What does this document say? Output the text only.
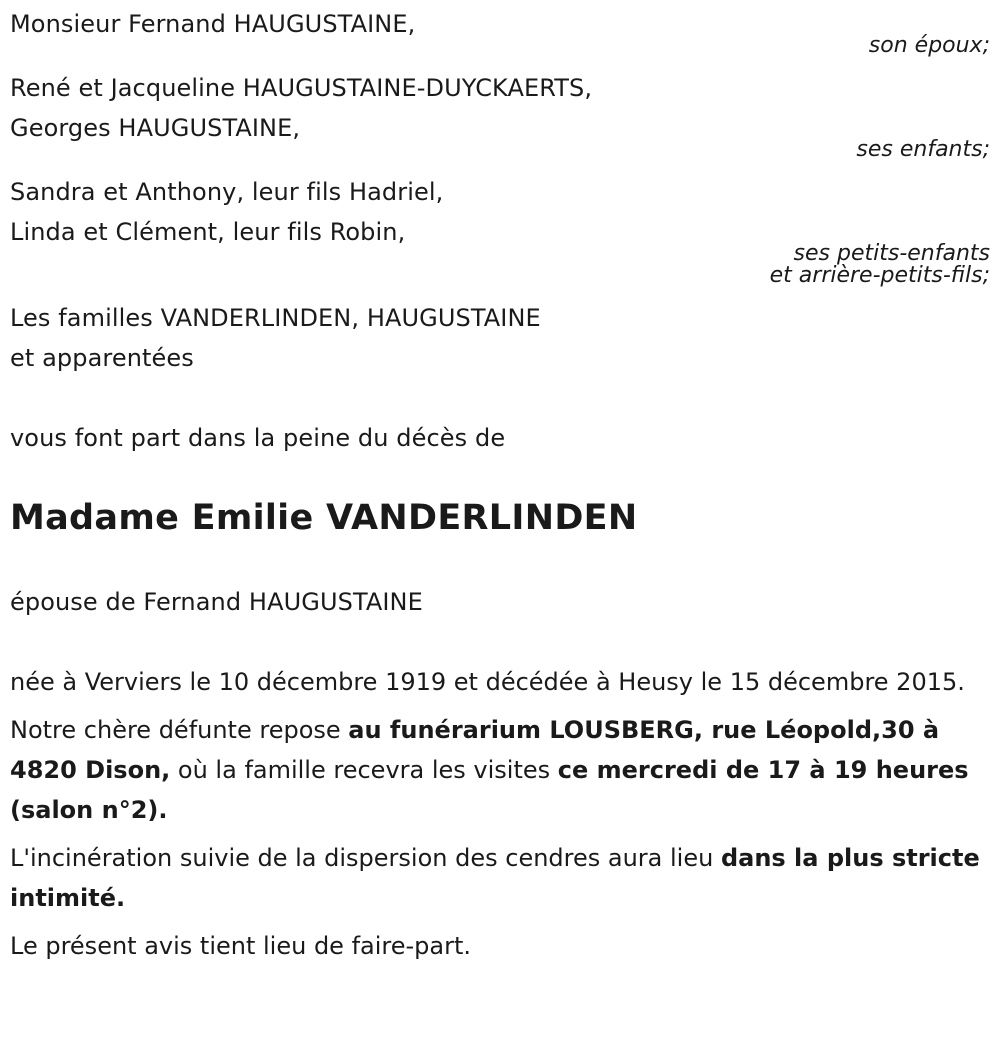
Monsieur Fernand HAUGUSTAINE,
son époux;
René et Jacqueline HAUGUSTAINE-DUYCKAERTS,
Georges HAUGUSTAINE,
ses enfants;
Sandra et Anthony, leur fils Hadriel,
Linda et Clément, leur fils Robin,
ses petits-enfants
et arrière-petits-fils;
Les familles VANDERLINDEN, HAUGUSTAINE
et apparentées
vous font part dans la peine du décès de
Madame Emilie VANDERLINDEN
épouse de Fernand HAUGUSTAINE

née à Verviers le 10 décembre 1919 et décédée à Heusy le 15 décembre 2015.

Notre chère défunte repose au funérarium LOUSBERG, rue Léopold,30 à 4820 Dison, où la famille recevra les visites ce mercredi de 17 à 19 heures (salon n°2).

L'incinération suivie de la dispersion des cendres aura lieu dans la plus stricte intimité.

Le présent avis tient lieu de faire-part.
